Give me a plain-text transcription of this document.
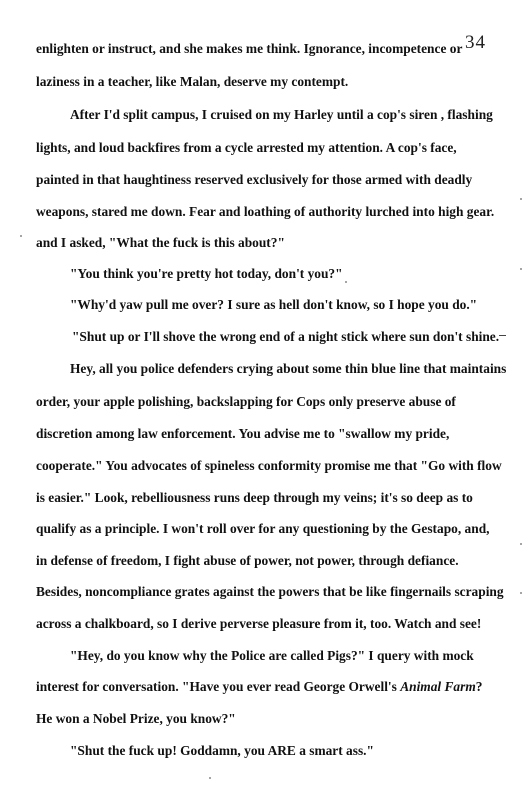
34
enlighten or instruct, and she makes me think. Ignorance, incompetence or
laziness in a teacher, like Malan, deserve my contempt.
After I'd split campus, I cruised on my Harley until a cop's siren , flashing
lights, and loud backfires from a cycle arrested my attention. A cop's face,
painted in that haughtiness reserved exclusively for those armed with deadly
weapons, stared me down. Fear and loathing of authority lurched into high gear.
and I asked, "What the fuck is this about?"
"You think you're pretty hot today, don't you?"
"Why'd yaw pull me over? I sure as hell don't know, so I hope you do."
"Shut up or I'll shove the wrong end of a night stick where sun don't shine.
Hey, all you police defenders crying about some thin blue line that maintains
order, your apple polishing, backslapping for Cops only preserve abuse of
discretion among law enforcement. You advise me to "swallow my pride,
cooperate." You advocates of spineless conformity promise me that "Go with flow
is easier." Look, rebelliousness runs deep through my veins; it's so deep as to
qualify as a principle. I won't roll over for any questioning by the Gestapo, and,
in defense of freedom, I fight abuse of power, not power, through defiance.
Besides, noncompliance grates against the powers that be like fingernails scraping
across a chalkboard, so I derive perverse pleasure from it, too. Watch and see!
"Hey, do you know why the Police are called Pigs?" I query with mock
interest for conversation. "Have you ever read George Orwell's Animal Farm?
He won a Nobel Prize, you know?"
"Shut the fuck up! Goddamn, you ARE a smart ass."
